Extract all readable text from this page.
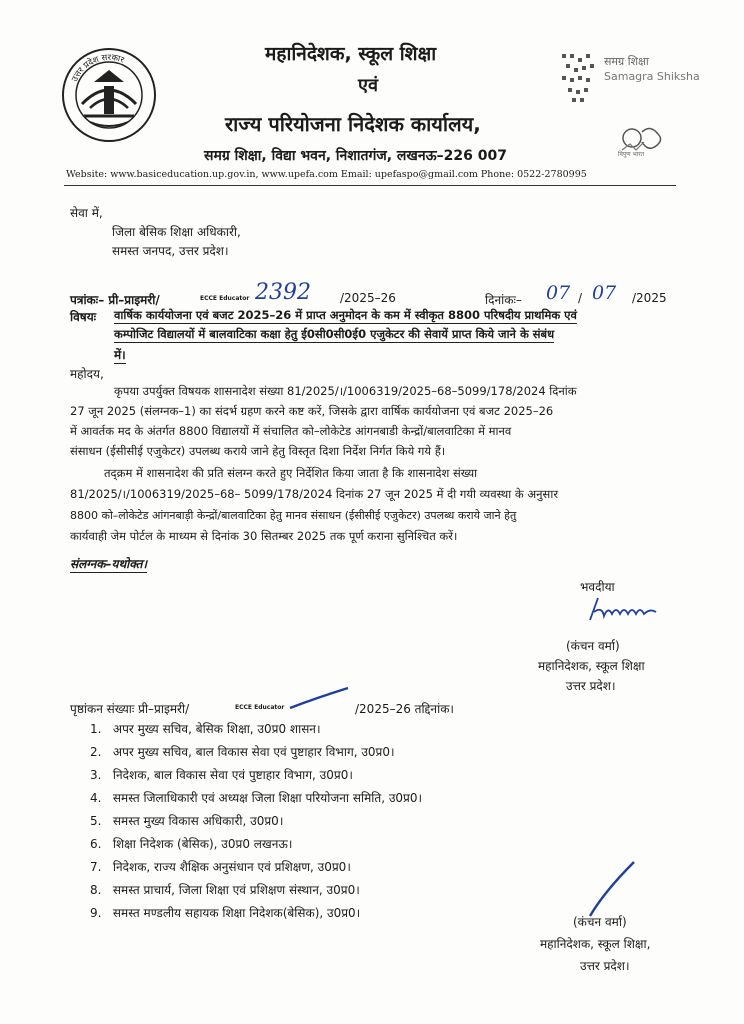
उत्तर प्रदेश सरकार	समग्र शिक्षा
Samagra Shiksha
निपुण भारत
महानिदेशक, स्कूल शिक्षा
एवं
राज्य परियोजना निदेशक कार्यालय,
समग्र शिक्षा, विद्या भवन, निशातगंज, लखनऊ–226 007
Website: www.basiceducation.up.gov.in, www.upefa.com Email: upefaspo@gmail.com Phone: 0522-2780995
सेवा में,
जिला बेसिक शिक्षा अधिकारी,
समस्त जनपद, उत्तर प्रदेश।
पत्रांकः– प्री–प्राइमरी/	ECCE Educator 2392 /2025–26	दिनांकः– 07 / 07 /2025
विषयः वार्षिक कार्ययोजना एवं बजट 2025–26 में प्राप्त अनुमोदन के कम में स्वीकृत 8800 परिषदीय प्राथमिक एवं
कम्पोजिट विद्यालयों में बालवाटिका कक्षा हेतु ई0सी0सी0ई0 एजुकेटर की सेवायें प्राप्त किये जाने के संबंध
में।
महोदय,
कृपया उपर्युक्त विषयक शासनादेश संख्या 81/2025/।/1006319/2025–68–5099/178/2024 दिनांक
27 जून 2025 (संलग्नक–1) का संदर्भ ग्रहण करने कष्ट करें, जिसके द्वारा वार्षिक कार्ययोजना एवं बजट 2025–26
में आवर्तक मद के अंतर्गत 8800 विद्यालयों में संचालित को–लोकेटेड आंगनबाडी केन्द्रों/बालवाटिका में मानव
संसाधन (ईसीसीई एजुकेटर) उपलब्ध कराये जाने हेतु विस्तृत दिशा निर्देश निर्गत किये गये हैं।
तद्क्रम में शासनादेश की प्रति संलग्न करते हुए निर्देशित किया जाता है कि शासनादेश संख्या
81/2025/।/1006319/2025–68– 5099/178/2024 दिनांक 27 जून 2025 में दी गयी व्यवस्था के अनुसार
8800 को–लोकेटेड आंगनबाड़ी केन्द्रों/बालवाटिका हेतु मानव संसाधन (ईसीसीई एजुकेटर) उपलब्ध कराये जाने हेतु
कार्यवाही जेम पोर्टल के माध्यम से दिनांक 30 सितम्बर 2025 तक पूर्ण कराना सुनिश्चित करें।
संलग्नक–यथोक्त।
भवदीया
(कंचन वर्मा)
महानिदेशक, स्कूल शिक्षा
उत्तर प्रदेश।
पृष्ठांकन संख्याः प्री–प्राइमरी/	ECCE Educator	/2025–26 तद्दिनांक।
1. अपर मुख्य सचिव, बेसिक शिक्षा, उ0प्र0 शासन।
2. अपर मुख्य सचिव, बाल विकास सेवा एवं पुष्टाहार विभाग, उ0प्र0।
3. निदेशक, बाल विकास सेवा एवं पुष्टाहार विभाग, उ0प्र0।
4. समस्त जिलाधिकारी एवं अध्यक्ष जिला शिक्षा परियोजना समिति, उ0प्र0।
5. समस्त मुख्य विकास अधिकारी, उ0प्र0।
6. शिक्षा निदेशक (बेसिक), उ0प्र0 लखनऊ।
7. निदेशक, राज्य शैक्षिक अनुसंधान एवं प्रशिक्षण, उ0प्र0।
8. समस्त प्राचार्य, जिला शिक्षा एवं प्रशिक्षण संस्थान, उ0प्र0।
9. समस्त मण्डलीय सहायक शिक्षा निदेशक(बेसिक), उ0प्र0।
(कंचन वर्मा)
महानिदेशक, स्कूल शिक्षा,
उत्तर प्रदेश।
